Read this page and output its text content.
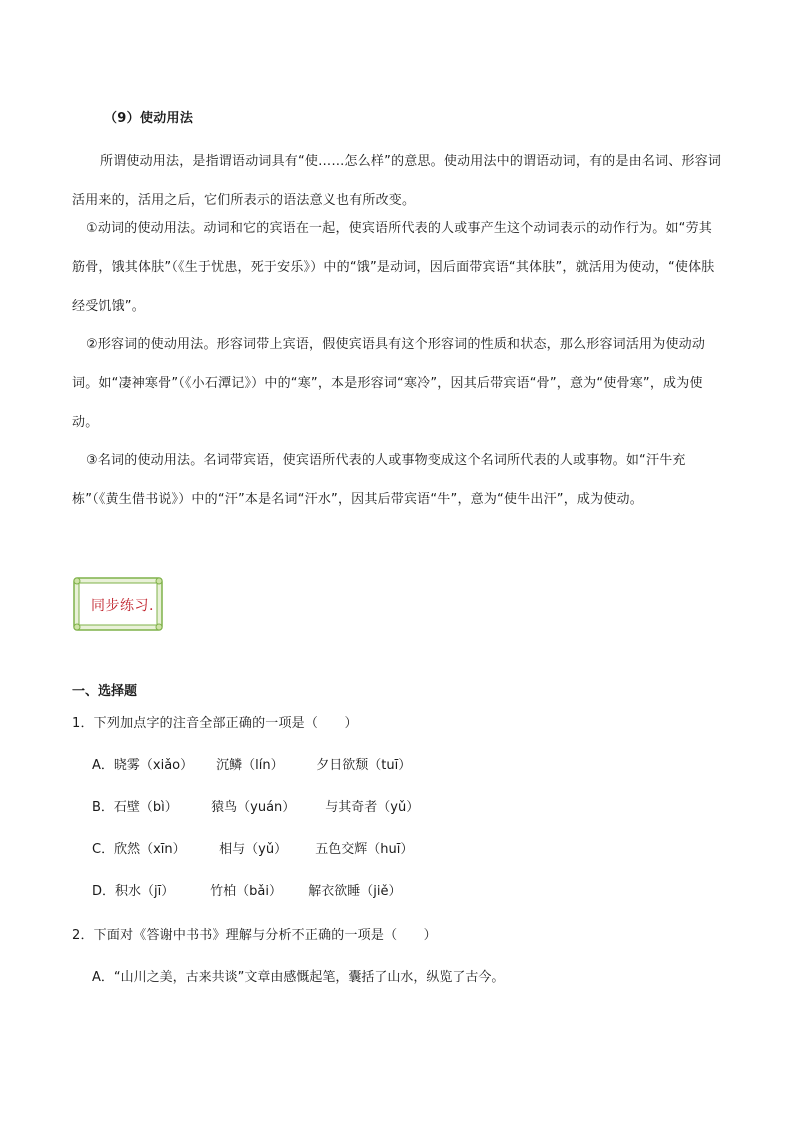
（9）使动用法
所谓使动用法，是指谓语动词具有“使……怎么样”的意思。使动用法中的谓语动词，有的是由名词、形容词活用来的，活用之后，它们所表示的语法意义也有所改变。
①动词的使动用法。动词和它的宾语在一起，使宾语所代表的人或事产生这个动词表示的动作行为。如“劳其筋骨，饿其体肤”（《生于忧患，死于安乐》）中的“饿”是动词，因后面带宾语“其体肤”，就活用为使动，“使体肤经受饥饿”。
②形容词的使动用法。形容词带上宾语，假使宾语具有这个形容词的性质和状态，那么形容词活用为使动动词。如“凄神寒骨”（《小石潭记》）中的“寒”，本是形容词“寒冷”，因其后带宾语“骨”，意为“使骨寒”，成为使动。
③名词的使动用法。名词带宾语，使宾语所代表的人或事物变成这个名词所代表的人或事物。如“汗牛充栋”（《黄生借书说》）中的“汗”本是名词“汗水”，因其后带宾语“牛”，意为“使牛出汗”，成为使动。
同步练习.
一、选择题
1．下列加点字的注音全部正确的一项是（　　）
A．晓雾（xiǎo） 沉鳞（lín）	夕日欲颓（tuī）
B．石壁（bì）	猿鸟（yuán） 与其奇者（yǔ）
C．欣然（xīn）	相与（yǔ） 五色交辉（huī）
D．积水（jī）	竹柏（bǎi） 解衣欲睡（jiě）
2．下面对《答谢中书书》理解与分析不正确的一项是（　　）
A．“山川之美，古来共谈”文章由感慨起笔，囊括了山水，纵览了古今。
